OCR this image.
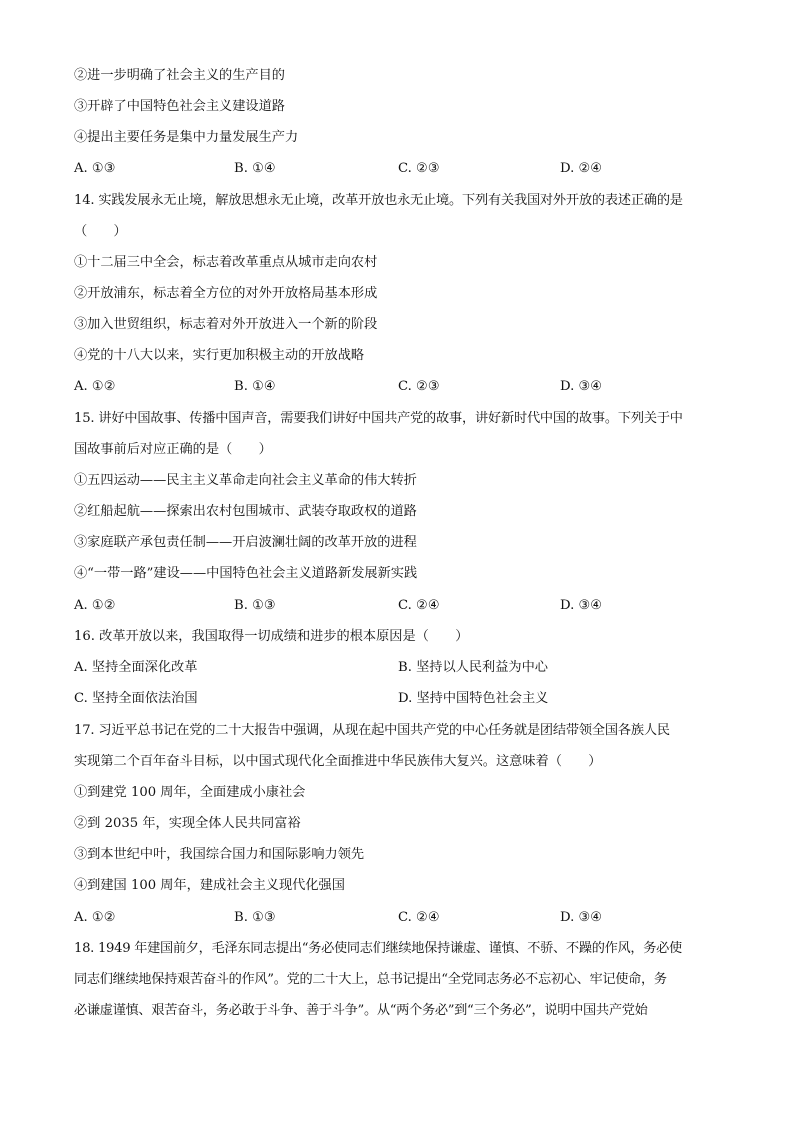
②进一步明确了社会主义的生产目的
③开辟了中国特色社会主义建设道路
④提出主要任务是集中力量发展生产力
A. ①③	B. ①④	C. ②③	D. ②④
14. 实践发展永无止境，解放思想永无止境，改革开放也永无止境。下列有关我国对外开放的表述正确的是
（　　）
①十二届三中全会，标志着改革重点从城市走向农村
②开放浦东，标志着全方位的对外开放格局基本形成
③加入世贸组织，标志着对外开放进入一个新的阶段
④党的十八大以来，实行更加积极主动的开放战略
A. ①②	B. ①④	C. ②③	D. ③④
15. 讲好中国故事、传播中国声音，需要我们讲好中国共产党的故事，讲好新时代中国的故事。下列关于中
国故事前后对应正确的是（　　）
①五四运动——民主主义革命走向社会主义革命的伟大转折
②红船起航——探索出农村包围城市、武装夺取政权的道路
③家庭联产承包责任制——开启波澜壮阔的改革开放的进程
④“一带一路”建设——中国特色社会主义道路新发展新实践
A. ①②	B. ①③	C. ②④	D. ③④
16. 改革开放以来，我国取得一切成绩和进步的根本原因是（　　）
A. 坚持全面深化改革	B. 坚持以人民利益为中心
C. 坚持全面依法治国	D. 坚持中国特色社会主义
17. 习近平总书记在党的二十大报告中强调，从现在起中国共产党的中心任务就是团结带领全国各族人民
实现第二个百年奋斗目标，以中国式现代化全面推进中华民族伟大复兴。这意味着（　　）
①到建党 100 周年，全面建成小康社会
②到 2035 年，实现全体人民共同富裕
③到本世纪中叶，我国综合国力和国际影响力领先
④到建国 100 周年，建成社会主义现代化强国
A. ①②	B. ①③	C. ②④	D. ③④
18. 1949 年建国前夕，毛泽东同志提出“务必使同志们继续地保持谦虚、谨慎、不骄、不躁的作风，务必使
同志们继续地保持艰苦奋斗的作风”。党的二十大上，总书记提出“全党同志务必不忘初心、牢记使命，务
必谦虚谨慎、艰苦奋斗，务必敢于斗争、善于斗争”。从“两个务必”到“三个务必”，说明中国共产党始
